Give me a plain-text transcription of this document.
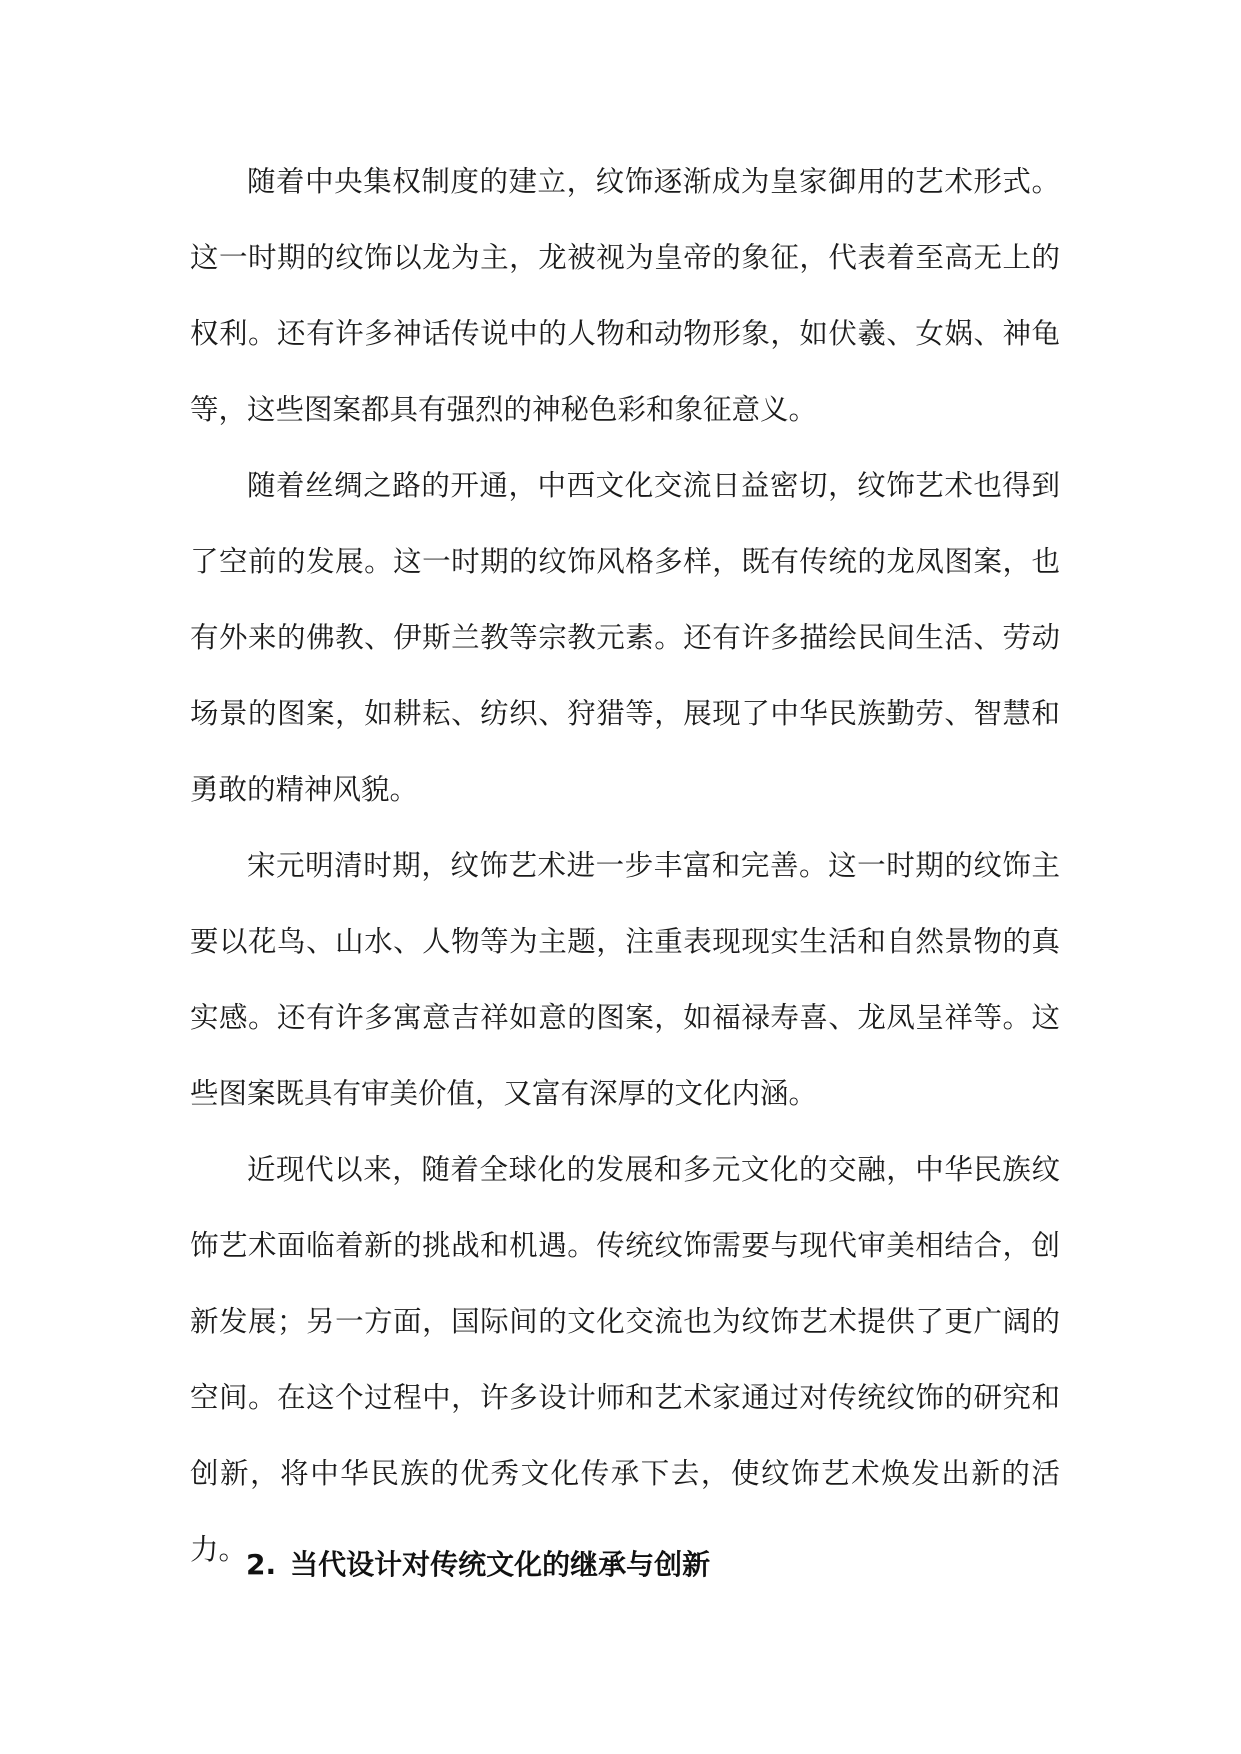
随着中央集权制度的建立，纹饰逐渐成为皇家御用的艺术形式。这一时期的纹饰以龙为主，龙被视为皇帝的象征，代表着至高无上的权利。还有许多神话传说中的人物和动物形象，如伏羲、女娲、神龟等，这些图案都具有强烈的神秘色彩和象征意义。

随着丝绸之路的开通，中西文化交流日益密切，纹饰艺术也得到了空前的发展。这一时期的纹饰风格多样，既有传统的龙凤图案，也有外来的佛教、伊斯兰教等宗教元素。还有许多描绘民间生活、劳动场景的图案，如耕耘、纺织、狩猎等，展现了中华民族勤劳、智慧和勇敢的精神风貌。

宋元明清时期，纹饰艺术进一步丰富和完善。这一时期的纹饰主要以花鸟、山水、人物等为主题，注重表现现实生活和自然景物的真实感。还有许多寓意吉祥如意的图案，如福禄寿喜、龙凤呈祥等。这些图案既具有审美价值，又富有深厚的文化内涵。

近现代以来，随着全球化的发展和多元文化的交融，中华民族纹饰艺术面临着新的挑战和机遇。传统纹饰需要与现代审美相结合，创新发展；另一方面，国际间的文化交流也为纹饰艺术提供了更广阔的空间。在这个过程中，许多设计师和艺术家通过对传统纹饰的研究和创新，将中华民族的优秀文化传承下去，使纹饰艺术焕发出新的活力。

2. 当代设计对传统文化的继承与创新
